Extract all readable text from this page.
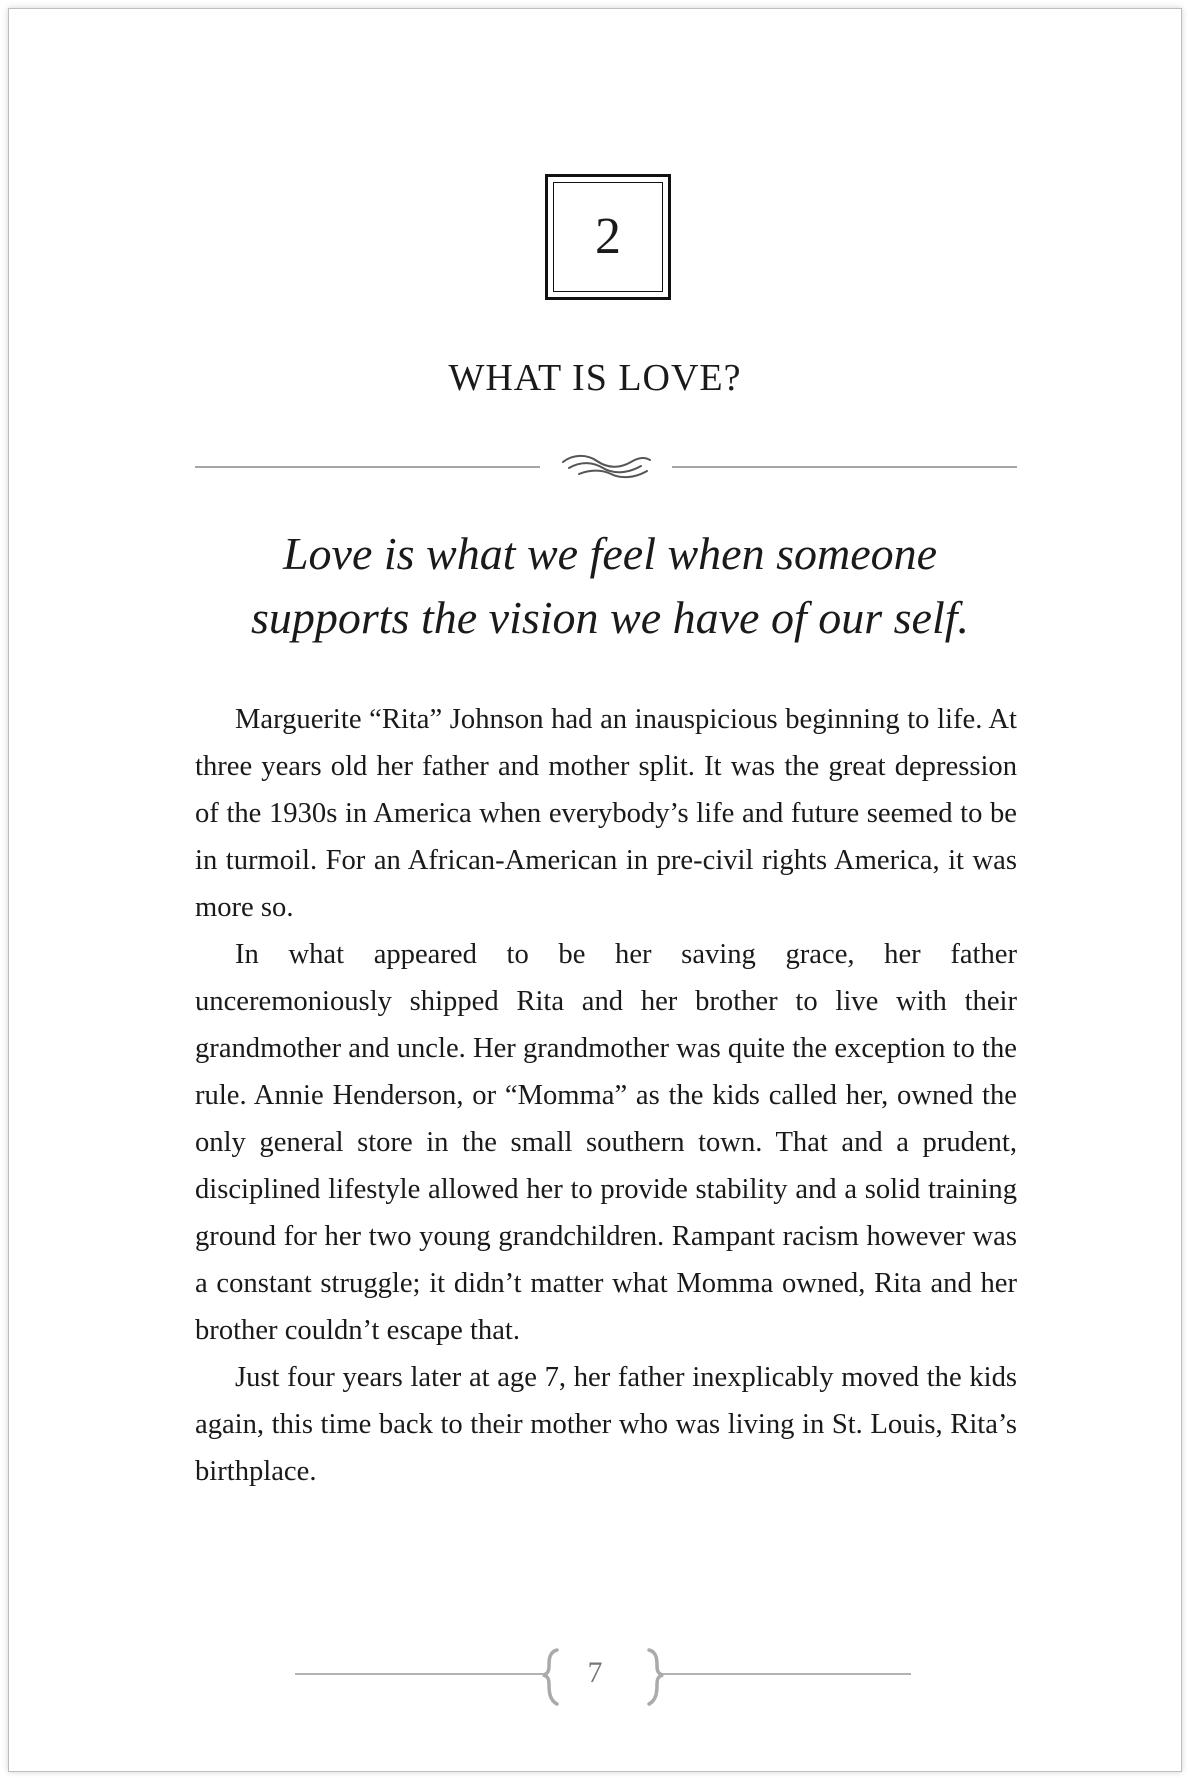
2
WHAT IS LOVE?
Love is what we feel when someone
supports the vision we have of our self.

Marguerite “Rita” Johnson had an inauspicious beginning to life. At three years old her father and mother split. It was the great depression of the 1930s in America when everybody’s life and future seemed to be in turmoil. For an African-American in pre-civil rights America, it was more so.

In what appeared to be her saving grace, her father unceremoniously shipped Rita and her brother to live with their grandmother and uncle. Her grandmother was quite the exception to the rule. Annie Henderson, or “Momma” as the kids called her, owned the only general store in the small southern town. That and a prudent, disciplined lifestyle allowed her to provide stability and a solid training ground for her two young grandchildren. Rampant racism however was a constant struggle; it didn’t matter what Momma owned, Rita and her brother couldn’t escape that.

Just four years later at age 7, her father inexplicably moved the kids again, this time back to their mother who was living in St. Louis, Rita’s birthplace.

7
